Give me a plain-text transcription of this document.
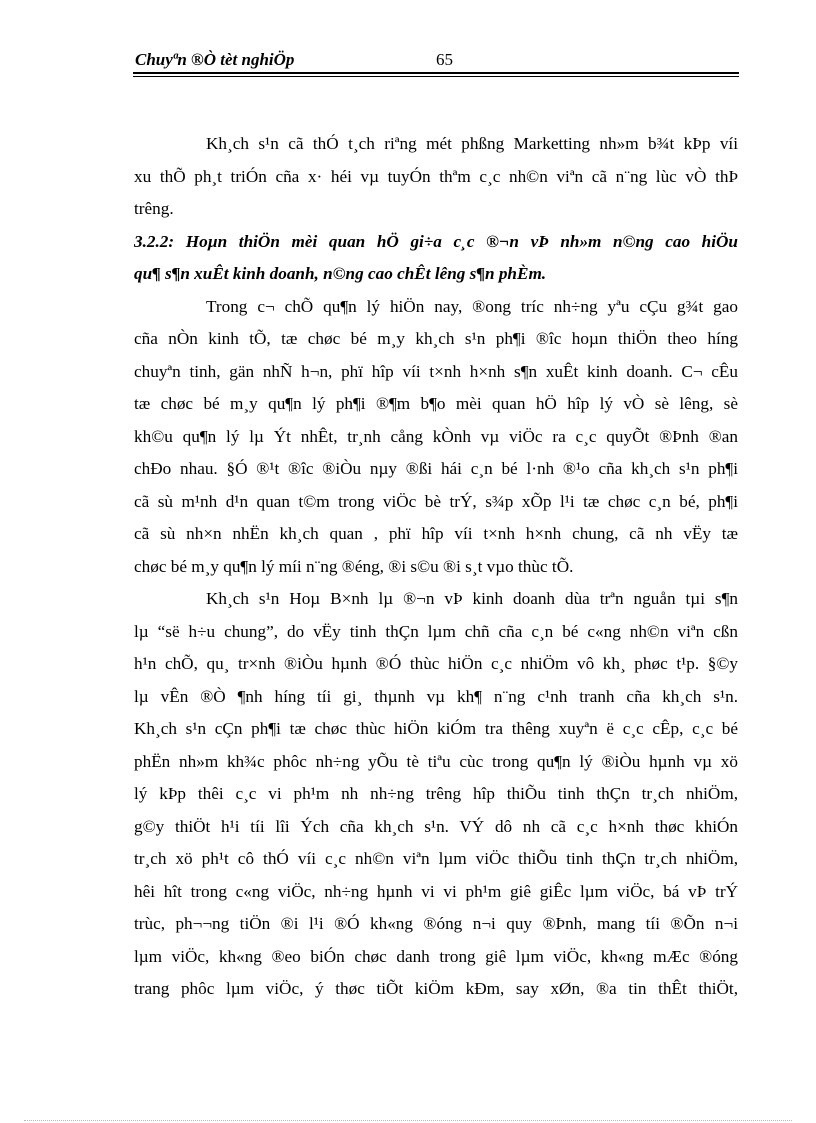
Chuyªn ®Ò tèt nghiÖp	65
Kh¸ch s¹n cã thÓ t¸ch riªng mét phßng Marketting nh»m b¾t kÞp víi
xu thÕ ph¸t triÓn cña x· héi vµ tuyÓn thªm c¸c nh©n viªn cã n¨ng lùc vÒ thÞ
trêng.
3.2.2: Hoµn thiÖn mèi quan hÖ gi÷a c¸c ®¬n vÞ nh»m n©ng cao hiÖu
qu¶ s¶n xuÊt kinh doanh, n©ng cao chÊt lêng s¶n phÈm.
Trong c¬ chÕ qu¶n lý hiÖn nay, ®ong tríc nh÷ng yªu cÇu g¾t gao
cña nÒn kinh tÕ, tæ chøc bé m¸y kh¸ch s¹n ph¶i ®îc hoµn thiÖn theo híng
chuyªn tinh, gän nhÑ h¬n, phï hîp víi t×nh h×nh s¶n xuÊt kinh doanh. C¬ cÊu
tæ chøc bé m¸y qu¶n lý ph¶i ®¶m b¶o mèi quan hÖ hîp lý vÒ sè lêng, sè
kh©u qu¶n lý lµ Ýt nhÊt, tr¸nh cång kÒnh vµ viÖc ra c¸c quyÕt ®Þnh ®an
chÐo nhau. §Ó ®¹t ®îc ®iÒu nµy ®ßi hái c¸n bé l·nh ®¹o cña kh¸ch s¹n ph¶i
cã sù m¹nh d¹n quan t©m trong viÖc bè trÝ, s¾p xÕp l¹i tæ chøc c¸n bé, ph¶i
cã sù nh×n nhËn kh¸ch quan , phï hîp víi t×nh h×nh chung, cã nh vËy tæ
chøc bé m¸y qu¶n lý míi n¨ng ®éng, ®i s©u ®i s¸t vµo thùc tÕ.
Kh¸ch s¹n Hoµ B×nh lµ ®¬n vÞ kinh doanh dùa trªn nguån tµi s¶n
lµ “së h÷u chung”, do vËy tinh thÇn lµm chñ cña c¸n bé c«ng nh©n viªn cßn
h¹n chÕ, qu¸ tr×nh ®iÒu hµnh ®Ó thùc hiÖn c¸c nhiÖm vô kh¸ phøc t¹p. §©y
lµ vÊn ®Ò ¶nh híng tíi gi¸ thµnh vµ kh¶ n¨ng c¹nh tranh cña kh¸ch s¹n.
Kh¸ch s¹n cÇn ph¶i tæ chøc thùc hiÖn kiÓm tra thêng xuyªn ë c¸c cÊp, c¸c bé
phËn nh»m kh¾c phôc nh÷ng yÕu tè tiªu cùc trong qu¶n lý ®iÒu hµnh vµ xö
lý kÞp thêi c¸c vi ph¹m nh nh÷ng trêng hîp thiÕu tinh thÇn tr¸ch nhiÖm,
g©y thiÖt h¹i tíi lîi Ých cña kh¸ch s¹n. VÝ dô nh cã c¸c h×nh thøc khiÓn
tr¸ch xö ph¹t cô thÓ víi c¸c nh©n viªn lµm viÖc thiÕu tinh thÇn tr¸ch nhiÖm,
hêi hît trong c«ng viÖc, nh÷ng hµnh vi vi ph¹m giê giÊc lµm viÖc, bá vÞ trÝ
trùc, ph¬¬ng tiÖn ®i l¹i ®Ó kh«ng ®óng n¬i quy ®Þnh, mang tíi ®Õn n¬i
lµm viÖc, kh«ng ®eo biÓn chøc danh trong giê lµm viÖc, kh«ng mÆc ®óng
trang phôc lµm viÖc, ý thøc tiÕt kiÖm kÐm, say xØn, ®a tin thÊt thiÖt,
